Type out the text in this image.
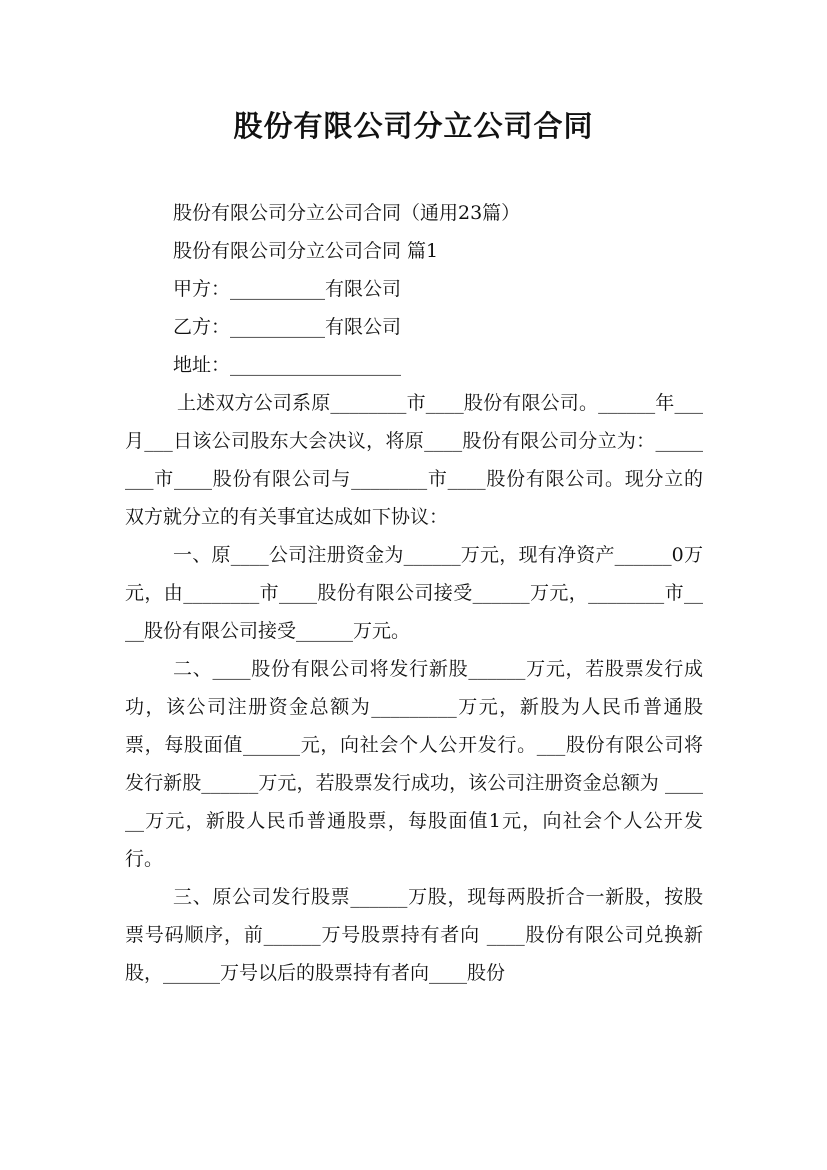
股份有限公司分立公司合同
股份有限公司分立公司合同（通用23篇）
股份有限公司分立公司合同 篇1
甲方：__________有限公司
乙方：__________有限公司
地址：__________________
上述双方公司系原________市____股份有限公司。______年___月___日该公司股东大会决议，将原____股份有限公司分立为：________市____股份有限公司与________市____股份有限公司。现分立的双方就分立的有关事宜达成如下协议：
一、原____公司注册资金为______万元，现有净资产______0万元，由________市____股份有限公司接受______万元，________市____股份有限公司接受______万元。
二、____股份有限公司将发行新股______万元，若股票发行成功，该公司注册资金总额为_________万元，新股为人民币普通股票，每股面值______元，向社会个人公开发行。___股份有限公司将发行新股______万元，若股票发行成功，该公司注册资金总额为 ______万元，新股人民币普通股票，每股面值1元，向社会个人公开发行。
三、原公司发行股票______万股，现每两股折合一新股，按股票号码顺序，前______万号股票持有者向 ____股份有限公司兑换新股，______万号以后的股票持有者向____股份
